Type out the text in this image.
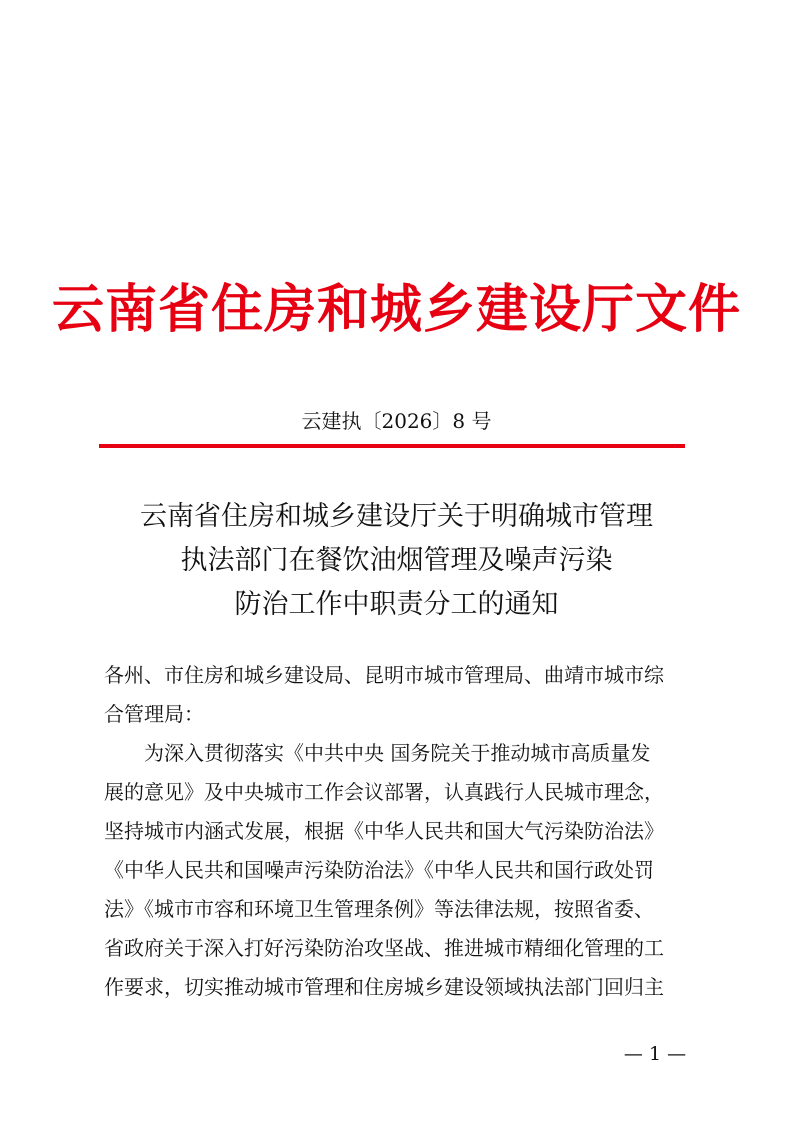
云南省住房和城乡建设厅文件
云建执〔2026〕8 号
云南省住房和城乡建设厅关于明确城市管理
执法部门在餐饮油烟管理及噪声污染
防治工作中职责分工的通知
各州、市住房和城乡建设局、昆明市城市管理局、曲靖市城市综
合管理局：
　　为深入贯彻落实《中共中央 国务院关于推动城市高质量发
展的意见》及中央城市工作会议部署，认真践行人民城市理念，
坚持城市内涵式发展，根据《中华人民共和国大气污染防治法》
《中华人民共和国噪声污染防治法》《中华人民共和国行政处罚
法》《城市市容和环境卫生管理条例》等法律法规，按照省委、
省政府关于深入打好污染防治攻坚战、推进城市精细化管理的工
作要求，切实推动城市管理和住房城乡建设领域执法部门回归主
— 1 —
